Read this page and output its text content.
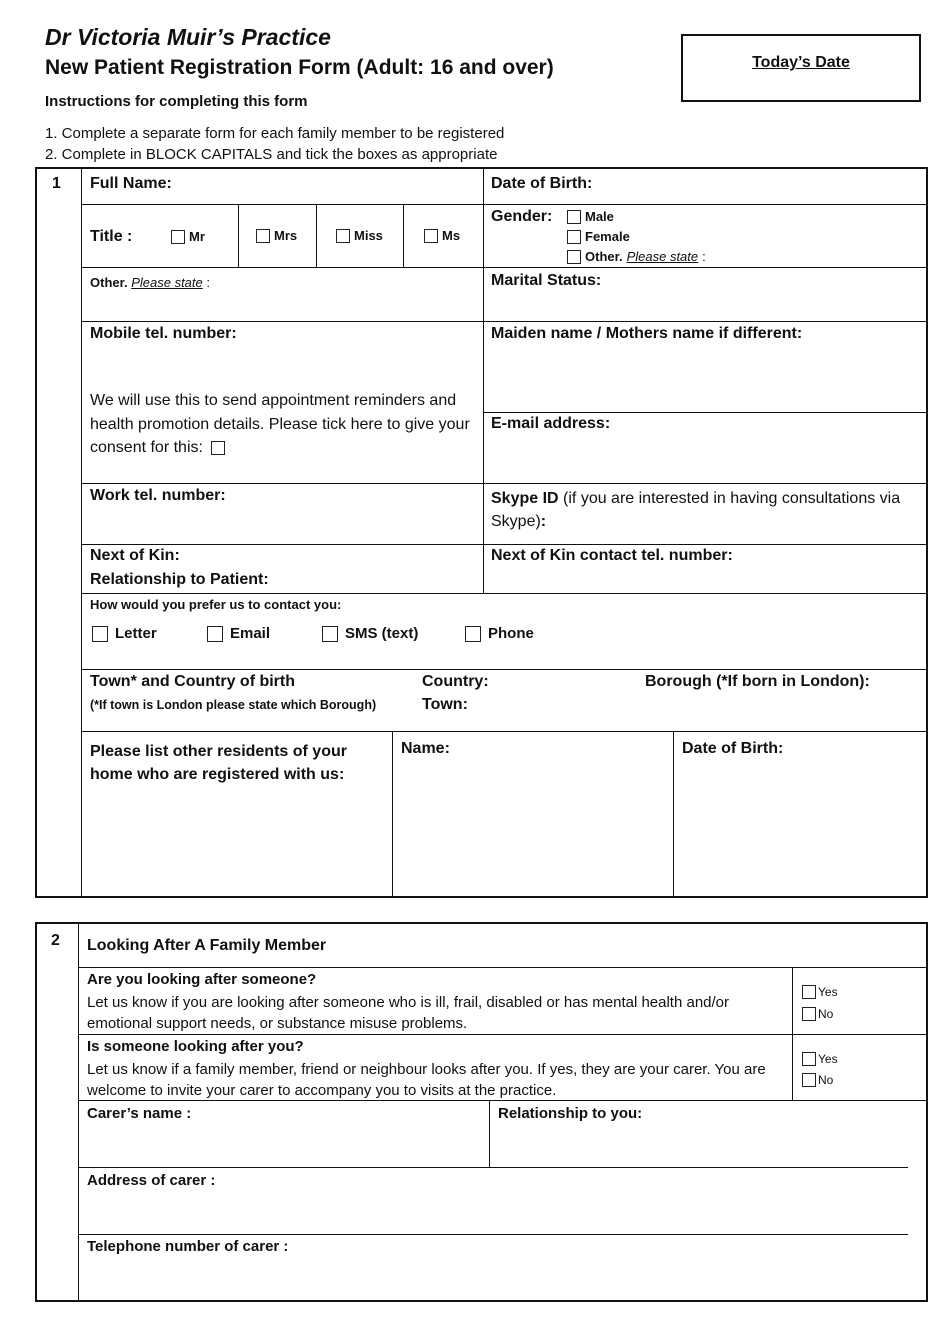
Dr Victoria Muir’s Practice
New Patient Registration Form (Adult: 16 and over)
Instructions for completing this form
1. Complete a separate form for each family member to be registered
2. Complete in BLOCK CAPITALS and tick the boxes as appropriate
Today’s Date
1 Full Name:	Date of Birth:
Title :	Mr	Mrs	Miss	Ms
Gender:	Male
Female
Other. Please state :
Other. Please state :	Marital Status:
Mobile tel. number:
We will use this to send appointment reminders and health promotion details. Please tick here to give your consent for this:
Maiden name / Mothers name if different:
E-mail address:
Work tel. number:	Skype ID (if you are interested in having consultations via Skype):
Next of Kin:
Relationship to Patient:
Next of Kin contact tel. number:
How would you prefer us to contact you:
Letter	Email	SMS (text)	Phone
Town* and Country of birth
(*If town is London please state which Borough)
Country:
Town:
Borough (*If born in London):
Please list other residents of your home who are registered with us:
Name:	Date of Birth:
2 Looking After A Family Member
Are you looking after someone?
Let us know if you are looking after someone who is ill, frail, disabled or has mental health and/or emotional support needs, or substance misuse problems.
Yes
No
Is someone looking after you?
Let us know if a family member, friend or neighbour looks after you. If yes, they are your carer. You are welcome to invite your carer to accompany you to visits at the practice.
Yes
No
Carer’s name :	Relationship to you:
Address of carer :
Telephone number of carer :
